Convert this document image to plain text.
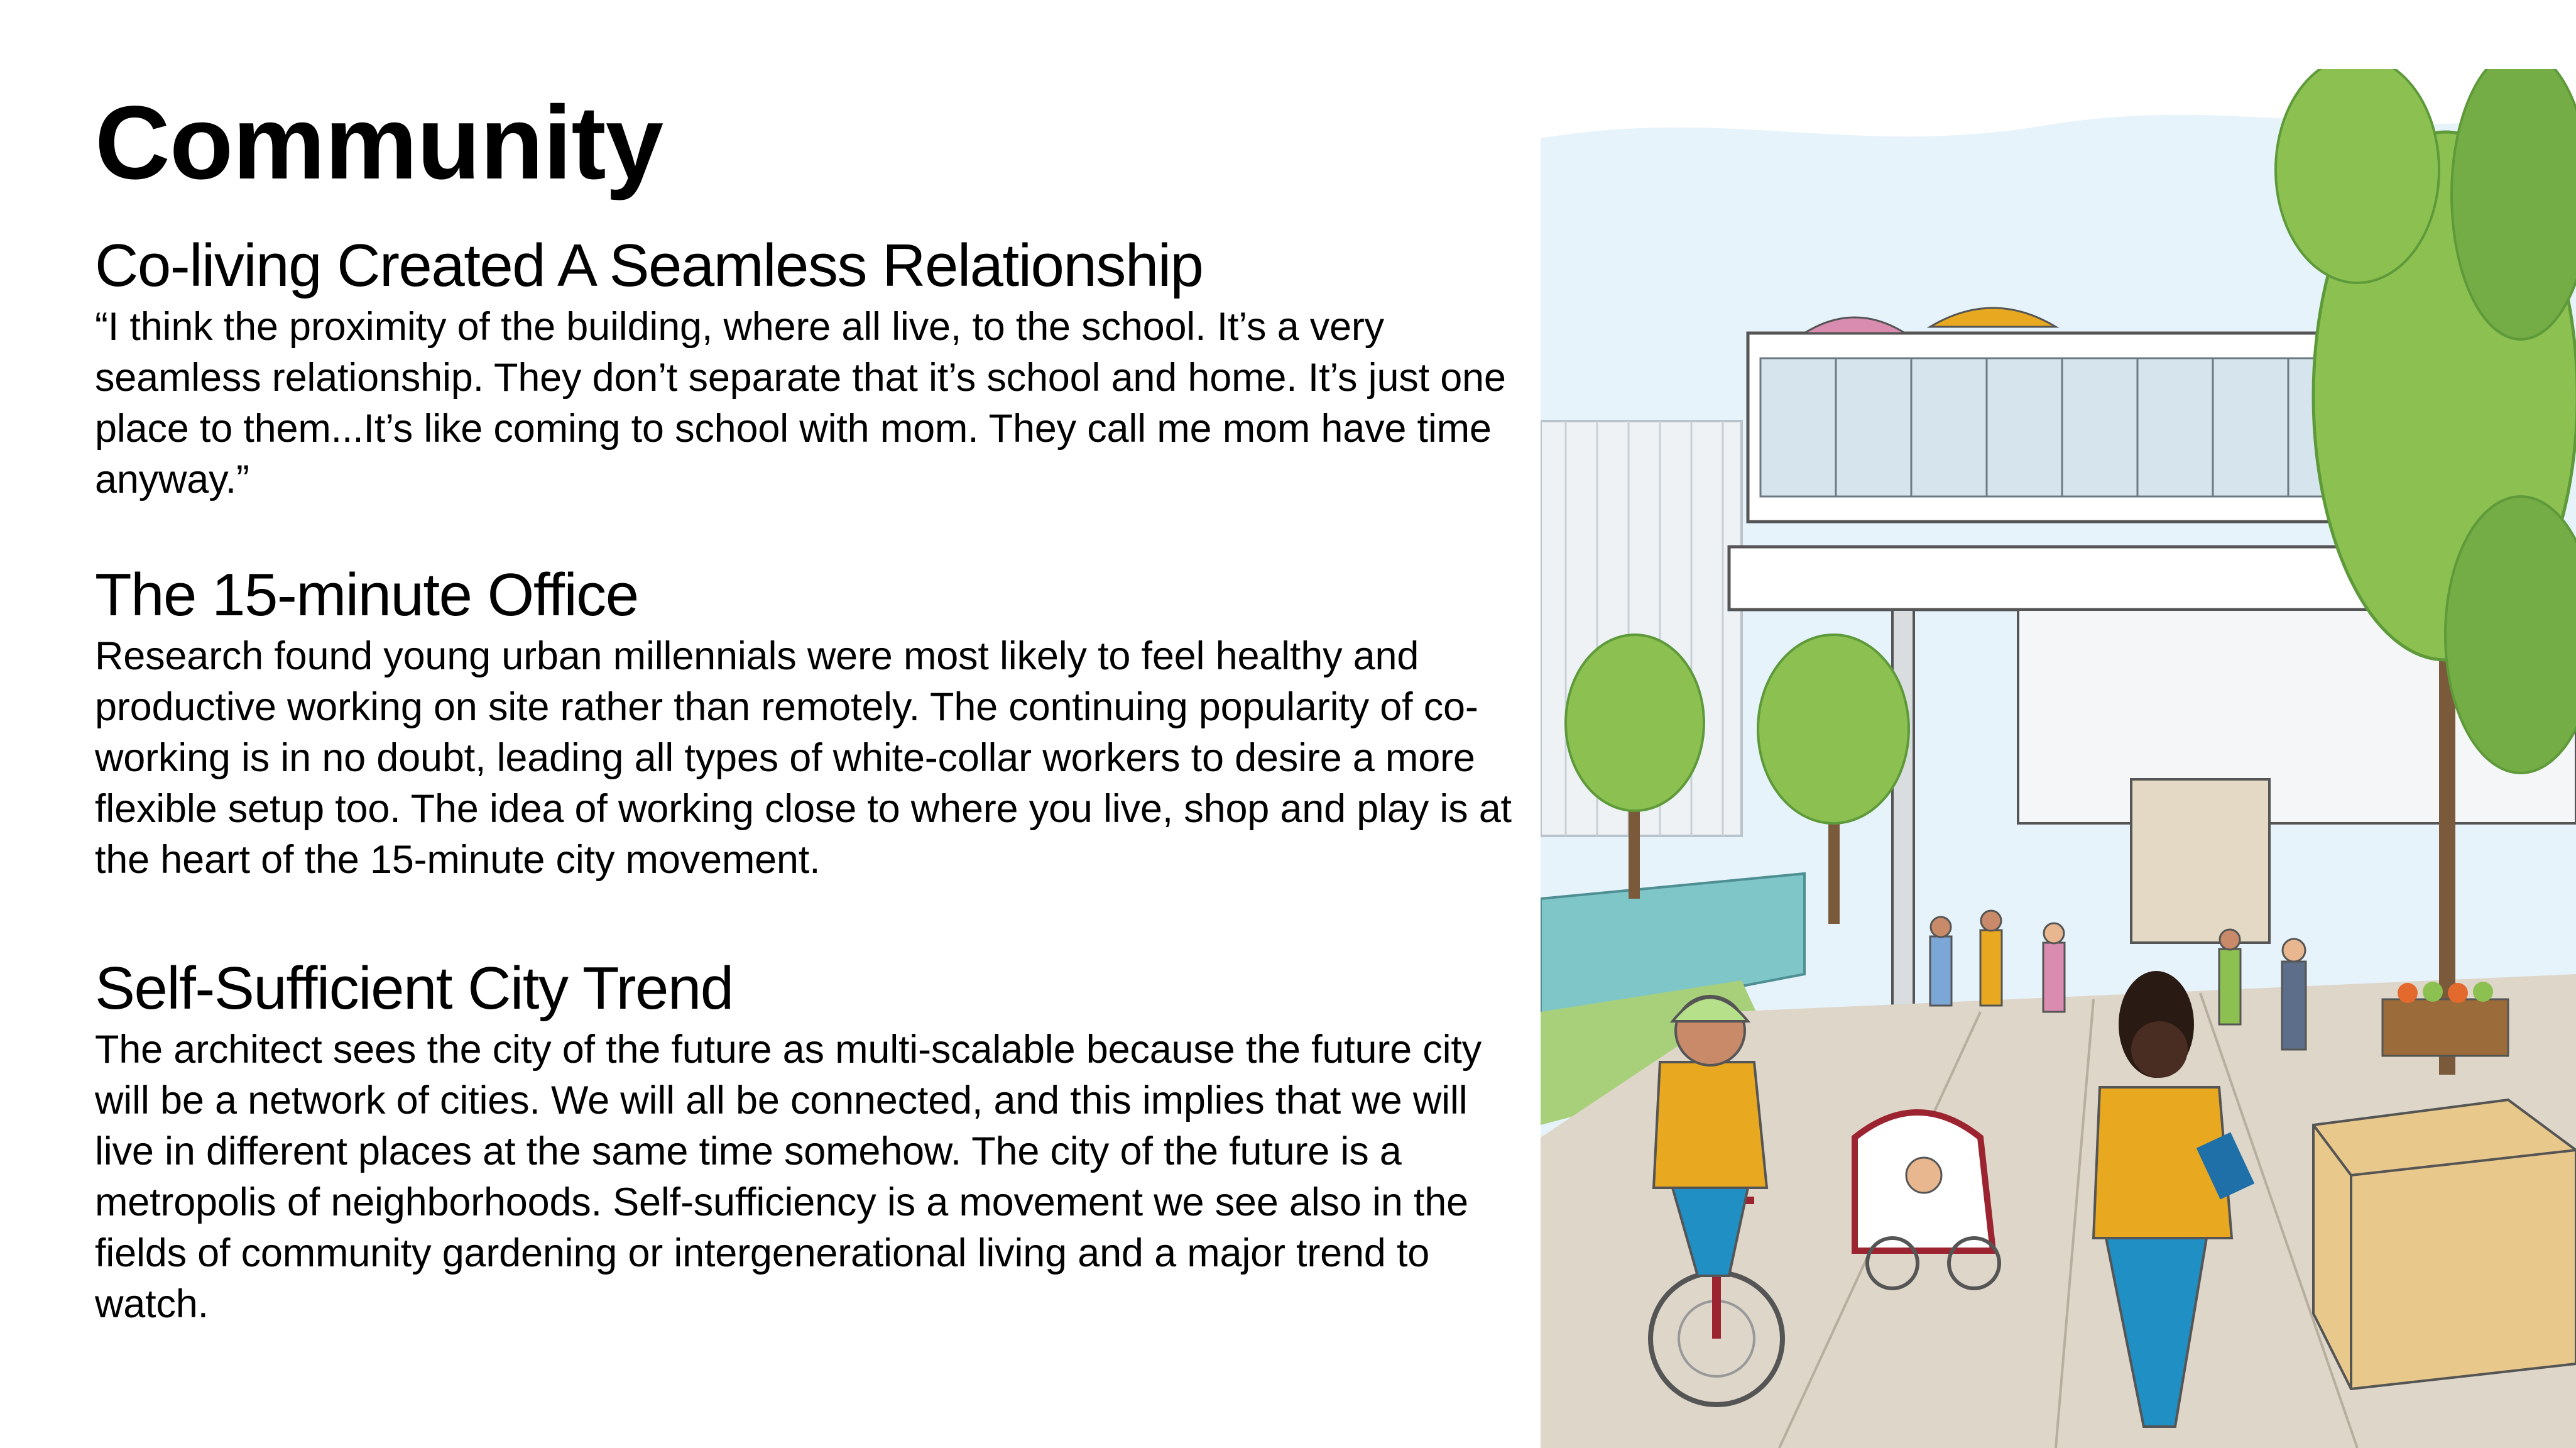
Community
Co-living Created A Seamless Relationship

“I think the proximity of the building, where all live, to the school. It’s a very seamless relationship. They don’t separate that it’s school and home. It’s just one place to them...It’s like coming to school with mom. They call me mom have time anyway.”

The 15-minute Office

Research found young urban millennials were most likely to feel healthy and productive working on site rather than remotely. The continuing popularity of co-working is in no doubt, leading all types of white-collar workers to desire a more flexible setup too. The idea of working close to where you live, shop and play is at the heart of the 15-minute city movement.

Self-Sufficient City Trend

The architect sees the city of the future as multi-scalable because the future city will be a network of cities. We will all be connected, and this implies that we will live in different places at the same time somehow. The city of the future is a metropolis of neighborhoods. Self-sufficiency is a movement we see also in the fields of community gardening or intergenerational living and a major trend to watch.
